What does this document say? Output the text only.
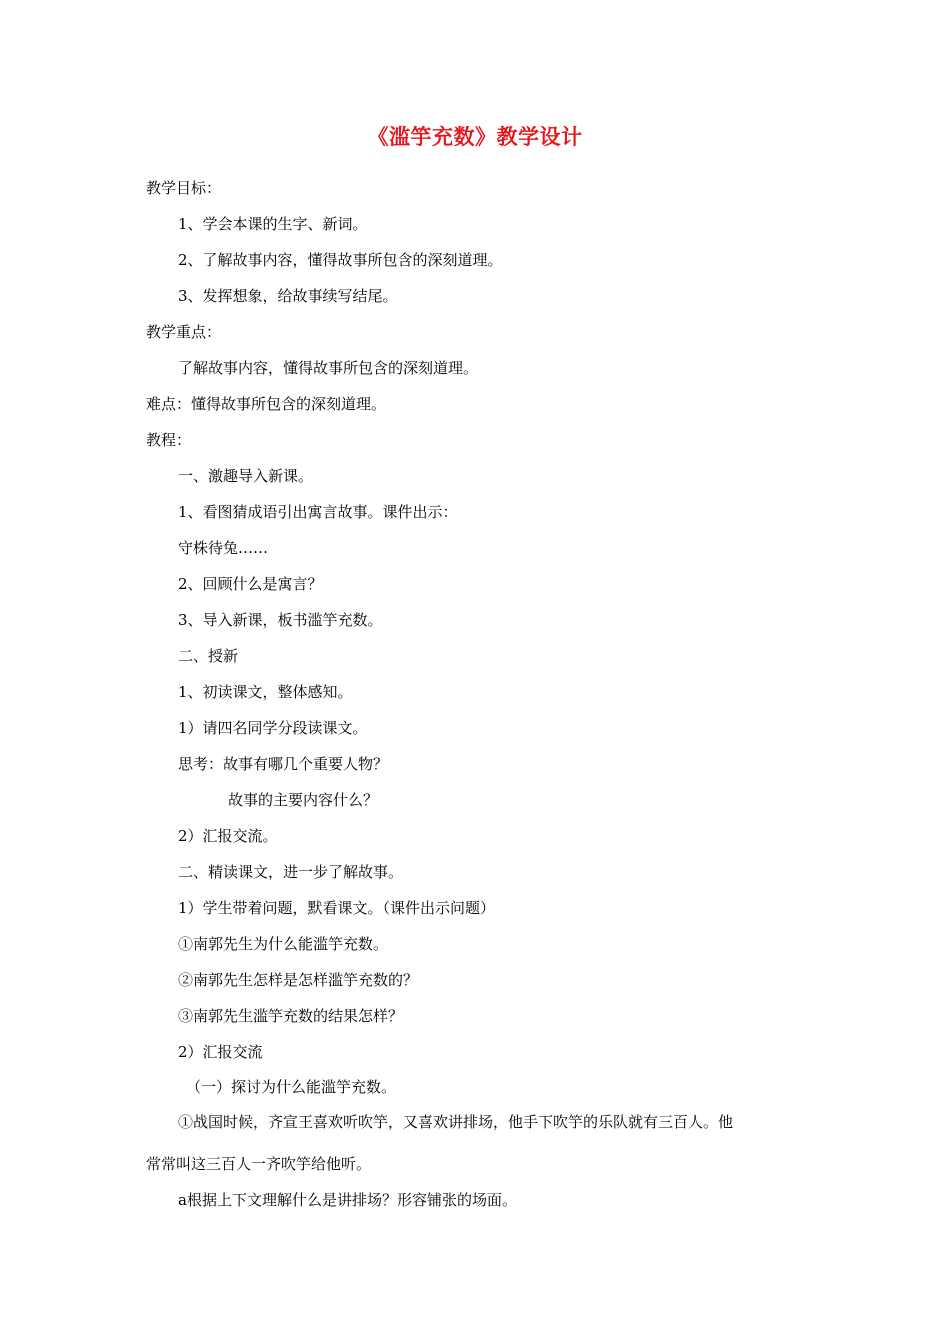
《滥竽充数》教学设计
教学目标：
1、学会本课的生字、新词。
2、了解故事内容，懂得故事所包含的深刻道理。
3、发挥想象，给故事续写结尾。
教学重点：
了解故事内容，懂得故事所包含的深刻道理。
难点：懂得故事所包含的深刻道理。
教程：
一、激趣导入新课。
1、看图猜成语引出寓言故事。课件出示：
守株待兔……
2、回顾什么是寓言？
3、导入新课，板书滥竽充数。
二、授新
1、初读课文，整体感知。
1）请四名同学分段读课文。
思考：故事有哪几个重要人物？
故事的主要内容什么？
2）汇报交流。
二、精读课文，进一步了解故事。
1）学生带着问题，默看课文。（课件出示问题）
①南郭先生为什么能滥竽充数。
②南郭先生怎样是怎样滥竽充数的？
③南郭先生滥竽充数的结果怎样？
2）汇报交流
（一）探讨为什么能滥竽充数。
①战国时候，齐宣王喜欢听吹竽，又喜欢讲排场，他手下吹竽的乐队就有三百人。他
常常叫这三百人一齐吹竽给他听。
a根据上下文理解什么是讲排场？形容铺张的场面。
